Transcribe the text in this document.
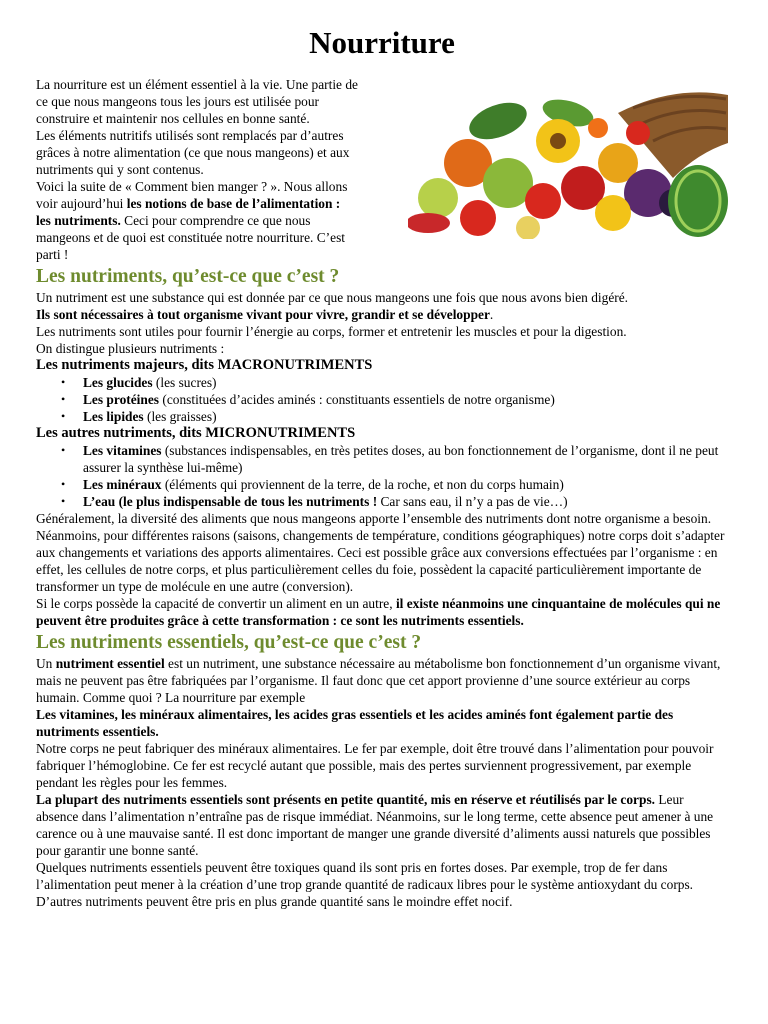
Nourriture

La nourriture est un élément essentiel à la vie. Une partie de ce que nous mangeons tous les jours est utilisée pour construire et maintenir nos cellules en bonne santé.

Les éléments nutritifs utilisés sont remplacés par d’autres grâces à notre alimentation (ce que nous mangeons) et aux nutriments qui y sont contenus.

Voici la suite de « Comment bien manger ? ». Nous allons voir aujourd’hui les notions de base de l’alimentation : les nutriments. Ceci pour comprendre ce que nous mangeons et de quoi est constituée notre nourriture. C’est parti !

Les nutriments, qu’est-ce que c’est ?

Un nutriment est une substance qui est donnée par ce que nous mangeons une fois que nous avons bien digéré.

Ils sont nécessaires à tout organisme vivant pour vivre, grandir et se développer.

Les nutriments sont utiles pour fournir l’énergie au corps, former et entretenir les muscles et pour la digestion.

On distingue plusieurs nutriments :

Les nutriments majeurs, dits MACRONUTRIMENTS
• Les glucides (les sucres)
• Les protéines (constituées d’acides aminés : constituants essentiels de notre organisme)
• Les lipides (les graisses)
Les autres nutriments, dits MICRONUTRIMENTS
• Les vitamines (substances indispensables, en très petites doses, au bon fonctionnement de l’organisme, dont il ne peut assurer la synthèse lui-même)
• Les minéraux (éléments qui proviennent de la terre, de la roche, et non du corps humain)
• L’eau (le plus indispensable de tous les nutriments ! Car sans eau, il n’y a pas de vie…)

Généralement, la diversité des aliments que nous mangeons apporte l’ensemble des nutriments dont notre organisme a besoin.

Néanmoins, pour différentes raisons (saisons, changements de température, conditions géographiques) notre corps doit s’adapter aux changements et variations des apports alimentaires. Ceci est possible grâce aux conversions effectuées par l’organisme : en effet, les cellules de notre corps, et plus particulièrement celles du foie, possèdent la capacité particulièrement importante de transformer un type de molécule en une autre (conversion).

Si le corps possède la capacité de convertir un aliment en un autre, il existe néanmoins une cinquantaine de molécules qui ne peuvent être produites grâce à cette transformation : ce sont les nutriments essentiels.

Les nutriments essentiels, qu’est-ce que c’est ?

Un nutriment essentiel est un nutriment, une substance nécessaire au métabolisme bon fonctionnement d’un organisme vivant, mais ne peuvent pas être fabriquées par l’organisme. Il faut donc que cet apport provienne d’une source extérieur au corps humain. Comme quoi ? La nourriture par exemple

Les vitamines, les minéraux alimentaires, les acides gras essentiels et les acides aminés font également partie des nutriments essentiels.

Notre corps ne peut fabriquer des minéraux alimentaires. Le fer par exemple, doit être trouvé dans l’alimentation pour pouvoir fabriquer l’hémoglobine. Ce fer est recyclé autant que possible, mais des pertes surviennent progressivement, par exemple pendant les règles pour les femmes.

La plupart des nutriments essentiels sont présents en petite quantité, mis en réserve et réutilisés par le corps. Leur absence dans l’alimentation n’entraîne pas de risque immédiat. Néanmoins, sur le long terme, cette absence peut amener à une carence ou à une mauvaise santé. Il est donc important de manger une grande diversité d’aliments aussi naturels que possibles pour garantir une bonne santé.

Quelques nutriments essentiels peuvent être toxiques quand ils sont pris en fortes doses. Par exemple, trop de fer dans l’alimentation peut mener à la création d’une trop grande quantité de radicaux libres pour le système antioxydant du corps. D’autres nutriments peuvent être pris en plus grande quantité sans le moindre effet nocif.
